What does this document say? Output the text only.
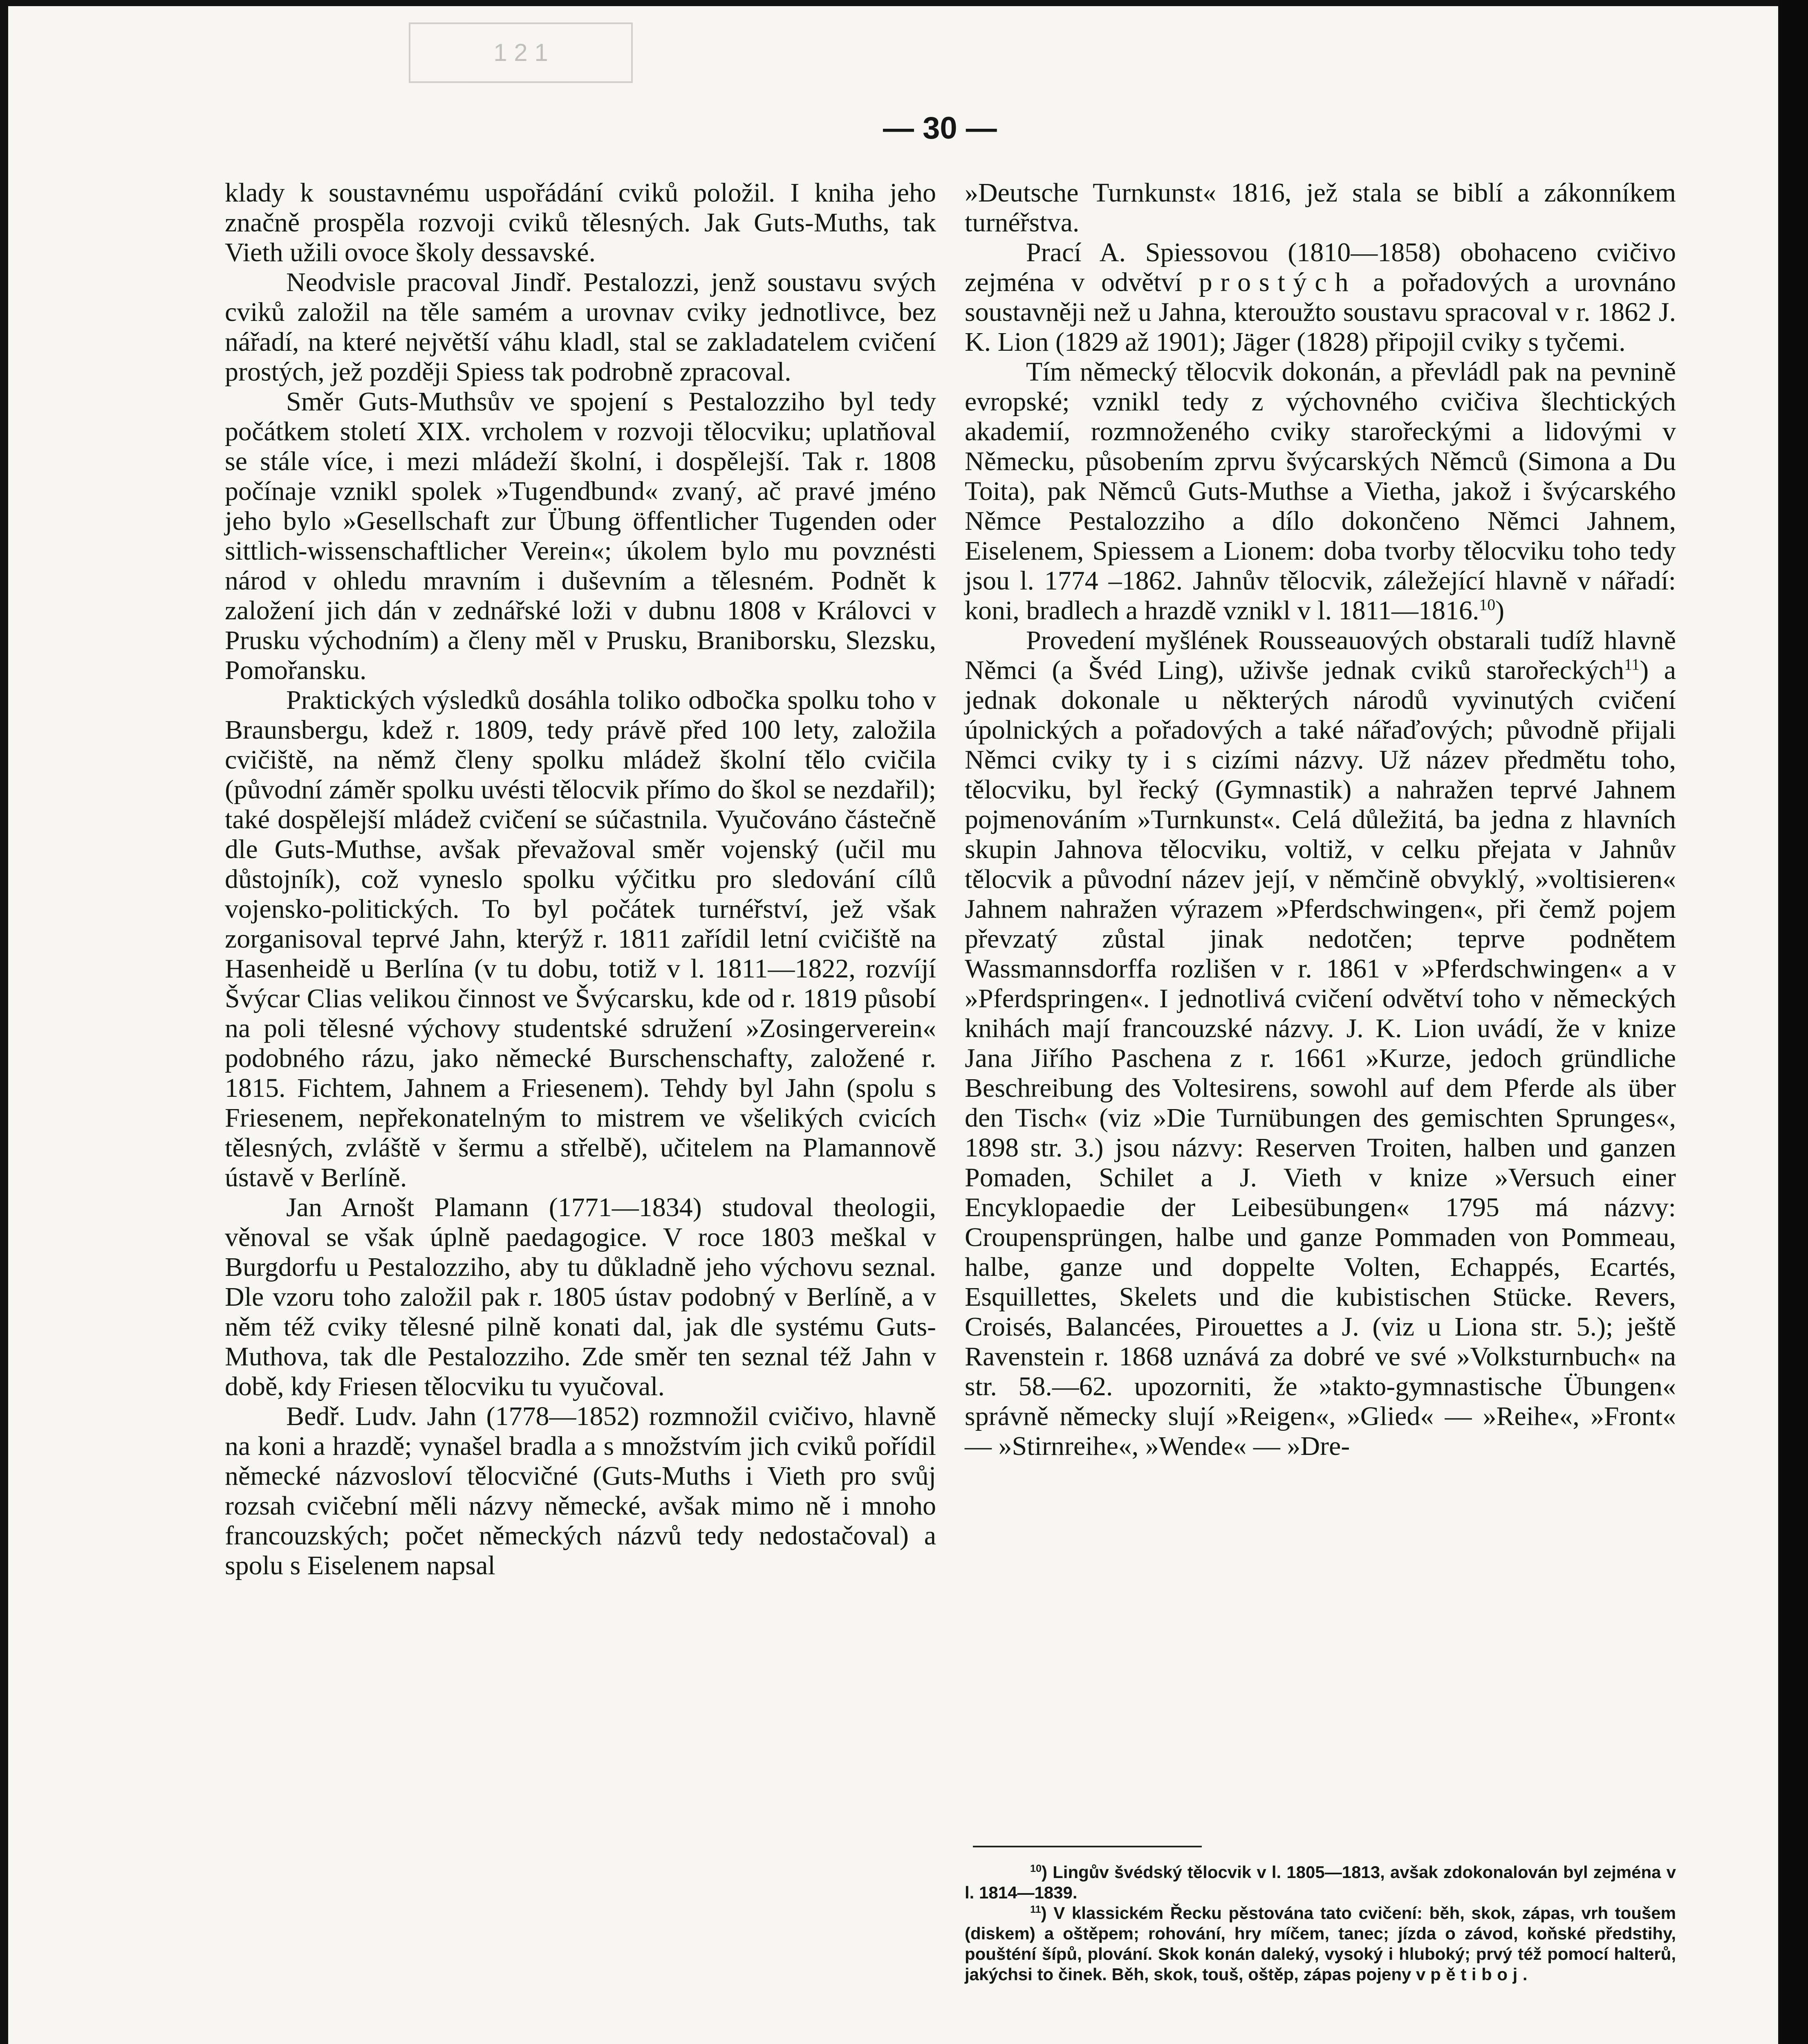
1 2 1
— 30 —

klady k soustavnému uspořádání cviků položil. I kniha jeho značně prospěla rozvoji cviků tělesných. Jak Guts-Muths, tak Vieth užili ovoce školy dessavské.

Neodvisle pracoval Jindř. Pestalozzi, jenž soustavu svých cviků založil na těle samém a urovnav cviky jednotlivce, bez nářadí, na které největší váhu kladl, stal se zakladatelem cvičení prostých, jež později Spiess tak podrobně zpracoval.

Směr Guts-Muthsův ve spojení s Pestalozziho byl tedy počátkem století XIX. vrcholem v rozvoji tělocviku; uplatňoval se stále více, i mezi mládeží školní, i dospělejší. Tak r. 1808 počínaje vznikl spolek »Tugendbund« zvaný, ač pravé jméno jeho bylo »Gesellschaft zur Übung öffentlicher Tugenden oder sittlich-wissenschaftlicher Verein«; úkolem bylo mu povznésti národ v ohledu mravním i duševním a tělesném. Podnět k založení jich dán v zednářské loži v dubnu 1808 v Královci v Prusku východním) a členy měl v Prusku, Braniborsku, Slezsku, Pomořansku.

Praktických výsledků dosáhla toliko odbočka spolku toho v Braunsbergu, kdež r. 1809, tedy právě před 100 lety, založila cvičiště, na němž členy spolku mládež školní tělo cvičila (původní záměr spolku uvésti tělocvik přímo do škol se nezdařil); také dospělejší mládež cvičení se súčastnila. Vyučováno částečně dle Guts-Muthse, avšak převažoval směr vojenský (učil mu důstojník), což vyneslo spolku výčitku pro sledování cílů vojensko-politických. To byl počátek turnéřství, jež však zorganisoval teprvé Jahn, kterýž r. 1811 zařídil letní cvičiště na Hasenheidě u Berlína (v tu dobu, totiž v l. 1811—1822, rozvíjí Švýcar Clias velikou činnost ve Švýcarsku, kde od r. 1819 působí na poli tělesné výchovy studentské sdružení »Zosingerverein« podobného rázu, jako německé Burschenschafty, založené r. 1815. Fichtem, Jahnem a Friesenem). Tehdy byl Jahn (spolu s Friesenem, nepřekonatelným to mistrem ve všelikých cvicích tělesných, zvláště v šermu a střelbě), učitelem na Plamannově ústavě v Berlíně.

Jan Arnošt Plamann (1771—1834) studoval theologii, věnoval se však úplně paedagogice. V roce 1803 meškal v Burgdorfu u Pestalozziho, aby tu důkladně jeho výchovu seznal. Dle vzoru toho založil pak r. 1805 ústav podobný v Berlíně, a v něm též cviky tělesné pilně konati dal, jak dle systému Guts-Muthova, tak dle Pestalozziho. Zde směr ten seznal též Jahn v době, kdy Friesen tělocviku tu vyučoval.

Bedř. Ludv. Jahn (1778—1852) rozmnožil cvičivo, hlavně na koni a hrazdě; vynašel bradla a s množstvím jich cviků pořídil německé názvosloví tělocvičné (Guts-Muths i Vieth pro svůj rozsah cvičební měli názvy německé, avšak mimo ně i mnoho francouzských; počet německých názvů tedy nedostačoval) a spolu s Eiselenem napsal

»Deutsche Turnkunst« 1816, jež stala se biblí a zákonníkem turnéřstva.

Prací A. Spiessovou (1810—1858) obohaceno cvičivo zejména v odvětví prostých a pořadových a urovnáno soustavněji než u Jahna, kteroužto soustavu spracoval v r. 1862 J. K. Lion (1829 až 1901); Jäger (1828) připojil cviky s tyčemi.

Tím německý tělocvik dokonán, a převládl pak na pevnině evropské; vznikl tedy z výchovného cvičiva šlechtických akademií, rozmnoženého cviky starořeckými a lidovými v Německu, působením zprvu švýcarských Němců (Simona a Du Toita), pak Němců Guts-Muthse a Vietha, jakož i švýcarského Němce Pestalozziho a dílo dokončeno Němci Jahnem, Eiselenem, Spiessem a Lionem: doba tvorby tělocviku toho tedy jsou l. 1774 –1862. Jahnův tělocvik, záležející hlavně v nářadí: koni, bradlech a hrazdě vznikl v l. 1811—1816.10)

Provedení myšlének Rousseauových obstarali tudíž hlavně Němci (a Švéd Ling), uživše jednak cviků starořeckých$^{11}$) a jednak dokonale u některých národů vyvinutých cvičení úpolnických a pořadových a také nářaďových; původně přijali Němci cviky ty i s cizími názvy. Už název předmětu toho, tělocviku, byl řecký (Gymnastik) a nahražen teprvé Jahnem pojmenováním »Turnkunst«. Celá důležitá, ba jedna z hlavních skupin Jahnova tělocviku, voltiž, v celku přejata v Jahnův tělocvik a původní název její, v němčině obvyklý, »voltisieren« Jahnem nahražen výrazem »Pferdschwingen«, při čemž pojem převzatý zůstal jinak nedotčen; teprve podnětem Wassmannsdorffa rozlišen v r. 1861 v »Pferdschwingen« a v »Pferdspringen«. I jednotlivá cvičení odvětví toho v německých knihách mají francouzské názvy. J. K. Lion uvádí, že v knize Jana Jiřího Paschena z r. 1661 »Kurze, jedoch gründliche Beschreibung des Voltesirens, sowohl auf dem Pferde als über den Tisch« (viz »Die Turnübungen des gemischten Sprunges«, 1898 str. 3.) jsou názvy: Reserven Troiten, halben und ganzen Pomaden, Schilet a J. Vieth v knize »Versuch einer Encyklopaedie der Leibesübungen« 1795 má názvy: Croupensprüngen, halbe und ganze Pommaden von Pommeau, halbe, ganze und doppelte Volten, Echappés, Ecartés, Esquillettes, Skelets und die kubistischen Stücke. Revers, Croisés, Balancées, Pirouettes a J. (viz u Liona str. 5.); ještě Ravenstein r. 1868 uznává za dobré ve své »Volksturnbuch« na str. 58.—62. upozorniti, že »takto-gymnastische Übungen« správně německy slují »Reigen«, »Glied« — »Reihe«, »Front« — »Stirnreihe«, »Wende« — »Dre-

$^{10}$) Lingův švédský tělocvik v l. 1805—1813, avšak zdokonalován byl zejména v l. 1814—1839.

$^{11}$) V klassickém Řecku pěstována tato cvičení: běh, skok, zápas, vrh toušem (diskem) a oštěpem; rohování, hry míčem, tanec; jízda o závod, koňské předstihy, poušténí šípů, plování. Skok konán daleký, vysoký i hluboký; prvý též pomocí halterů, jakýchsi to činek. Běh, skok, touš, oštěp, zápas pojeny v pětiboj.
